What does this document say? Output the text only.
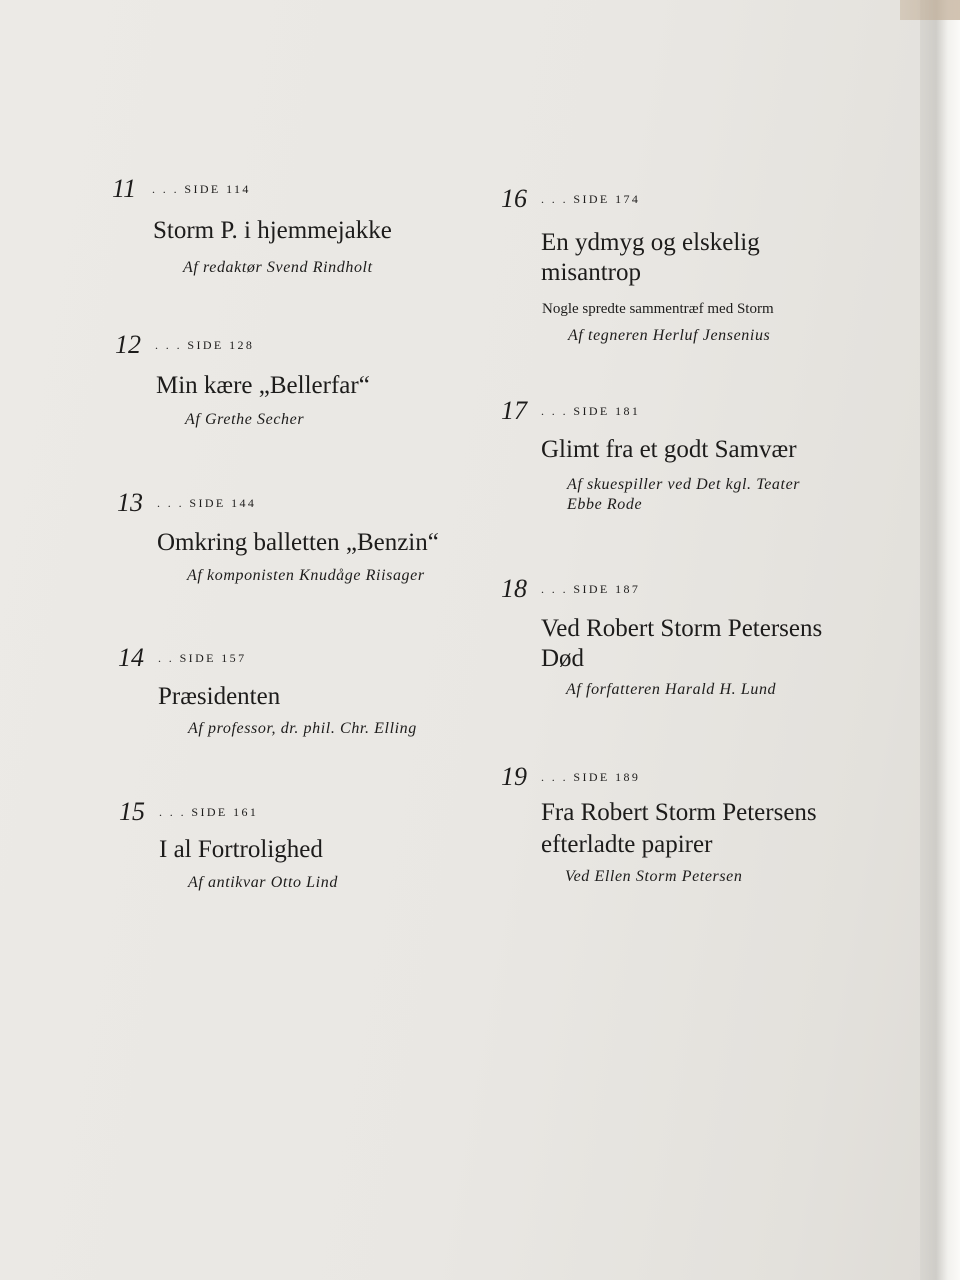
11 . . . SIDE 114
Storm P. i hjemmejakke
Af redaktør Svend Rindholt
12 . . . SIDE 128
Min kære „Bellerfar“
Af Grethe Secher
13 . . . SIDE 144
Omkring balletten „Benzin“
Af komponisten Knudåge Riisager
14 . . SIDE 157
Præsidenten
Af professor, dr. phil. Chr. Elling
15 . . . SIDE 161
I al Fortrolighed
Af antikvar Otto Lind
16 . . . SIDE 174
En ydmyg og elskelig
misantrop
Nogle spredte sammentræf med Storm
Af tegneren Herluf Jensenius
17 . . . SIDE 181
Glimt fra et godt Samvær
Af skuespiller ved Det kgl. Teater
Ebbe Rode
18 . . . SIDE 187
Ved Robert Storm Petersens
Død
Af forfatteren Harald H. Lund
19 . . . SIDE 189
Fra Robert Storm Petersens
efterladte papirer
Ved Ellen Storm Petersen
